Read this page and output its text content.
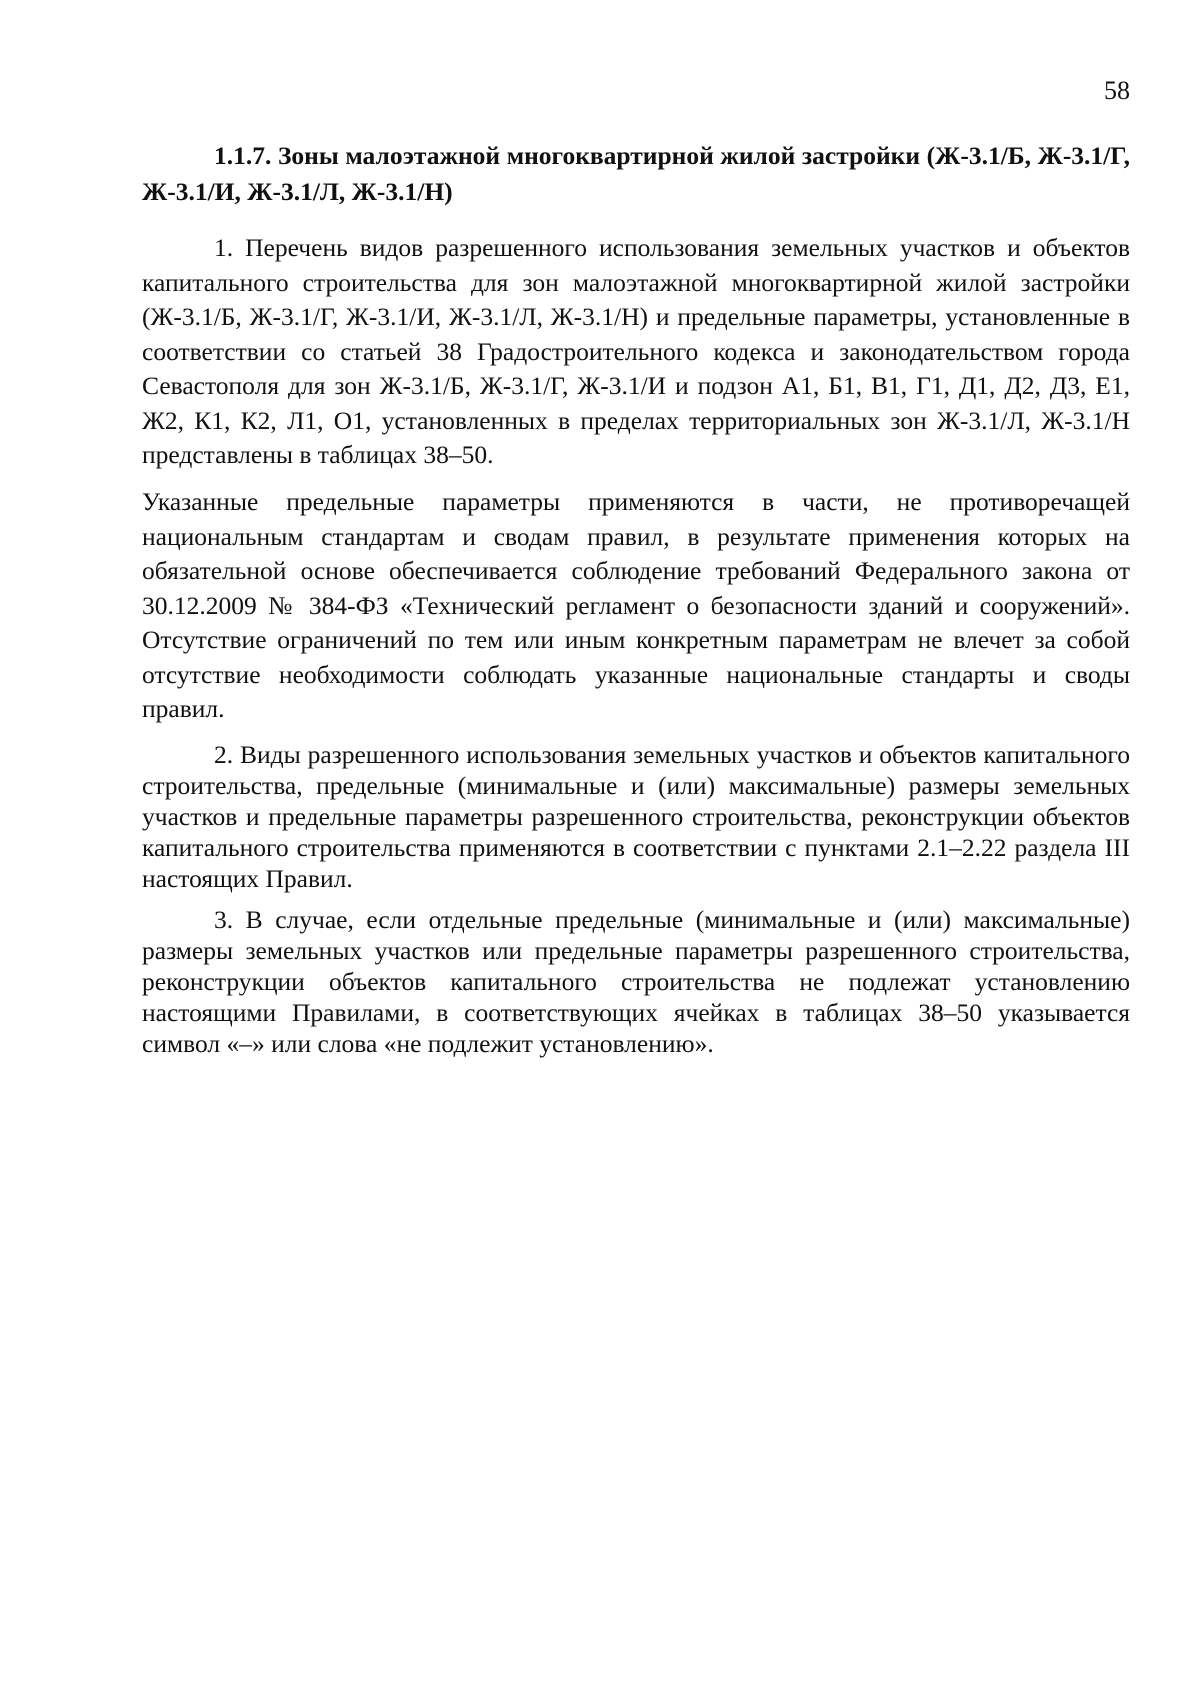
58

1.1.7. Зоны малоэтажной многоквартирной жилой застройки (Ж-3.1/Б, Ж-3.1/Г, Ж-3.1/И, Ж-3.1/Л, Ж-3.1/Н)

1. Перечень видов разрешенного использования земельных участков и объектов капитального строительства для зон малоэтажной многоквартирной жилой застройки (Ж-3.1/Б, Ж-3.1/Г, Ж-3.1/И, Ж-3.1/Л, Ж-3.1/Н) и предельные параметры, установленные в соответствии со статьей 38 Градостроительного кодекса и законодательством города Севастополя для зон Ж-3.1/Б, Ж-3.1/Г, Ж-3.1/И и подзон А1, Б1, В1, Г1, Д1, Д2, Д3, Е1, Ж2, К1, К2, Л1, О1, установленных в пределах территориальных зон Ж-3.1/Л, Ж-3.1/Н представлены в таблицах 38–50.

Указанные предельные параметры применяются в части, не противоречащей национальным стандартам и сводам правил, в результате применения которых на обязательной основе обеспечивается соблюдение требований Федерального закона от 30.12.2009 № 384-ФЗ «Технический регламент о безопасности зданий и сооружений». Отсутствие ограничений по тем или иным конкретным параметрам не влечет за собой отсутствие необходимости соблюдать указанные национальные стандарты и своды правил.

2. Виды разрешенного использования земельных участков и объектов капитального строительства, предельные (минимальные и (или) максимальные) размеры земельных участков и предельные параметры разрешенного строительства, реконструкции объектов капитального строительства применяются в соответствии с пунктами 2.1–2.22 раздела III настоящих Правил.

3. В случае, если отдельные предельные (минимальные и (или) максимальные) размеры земельных участков или предельные параметры разрешенного строительства, реконструкции объектов капитального строительства не подлежат установлению настоящими Правилами, в соответствующих ячейках в таблицах 38–50 указывается символ «–» или слова «не подлежит установлению».
